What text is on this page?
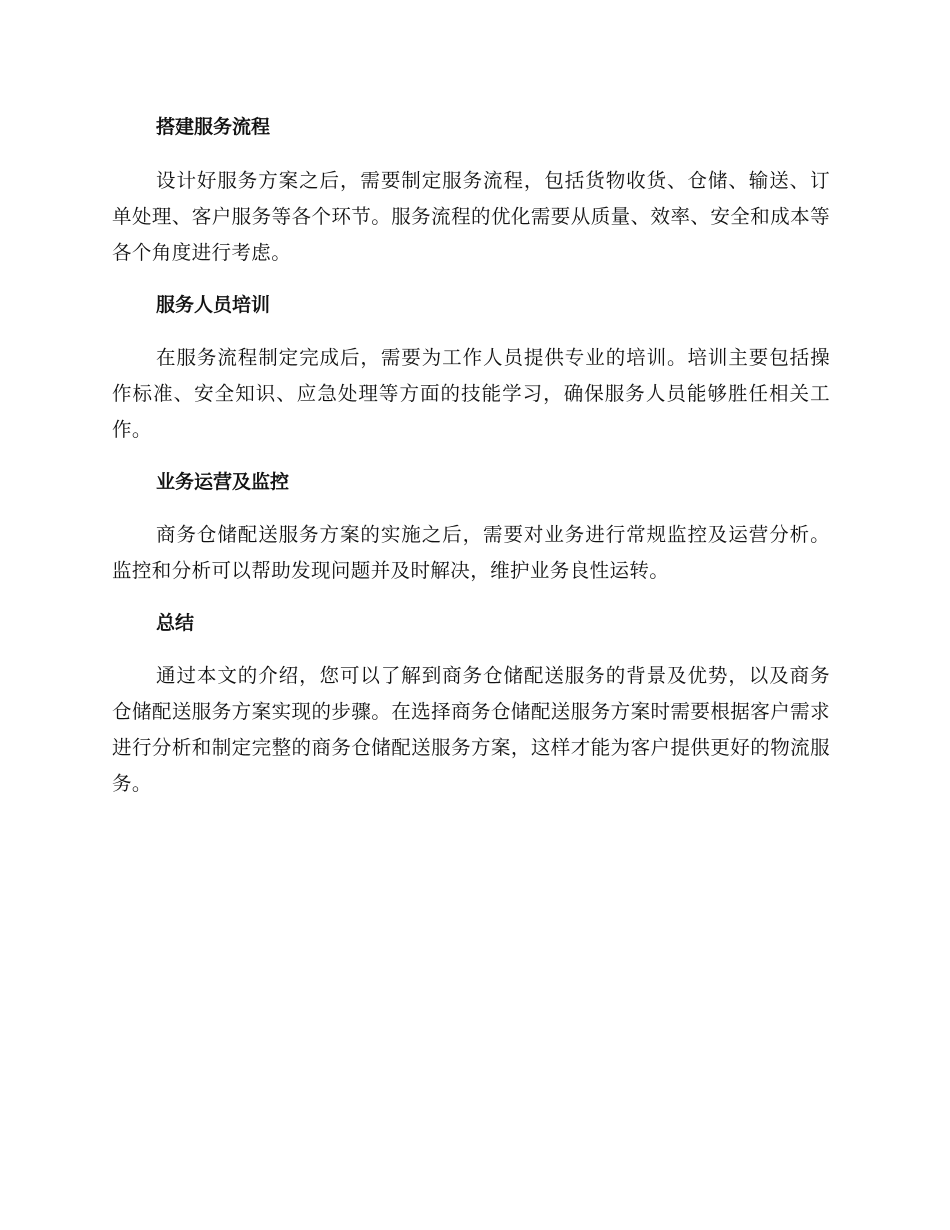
搭建服务流程

设计好服务方案之后，需要制定服务流程，包括货物收货、仓储、输送、订单处理、客户服务等各个环节。服务流程的优化需要从质量、效率、安全和成本等各个角度进行考虑。

服务人员培训

在服务流程制定完成后，需要为工作人员提供专业的培训。培训主要包括操作标准、安全知识、应急处理等方面的技能学习，确保服务人员能够胜任相关工作。

业务运营及监控

商务仓储配送服务方案的实施之后，需要对业务进行常规监控及运营分析。监控和分析可以帮助发现问题并及时解决，维护业务良性运转。

总结

通过本文的介绍，您可以了解到商务仓储配送服务的背景及优势，以及商务仓储配送服务方案实现的步骤。在选择商务仓储配送服务方案时需要根据客户需求进行分析和制定完整的商务仓储配送服务方案，这样才能为客户提供更好的物流服务。
